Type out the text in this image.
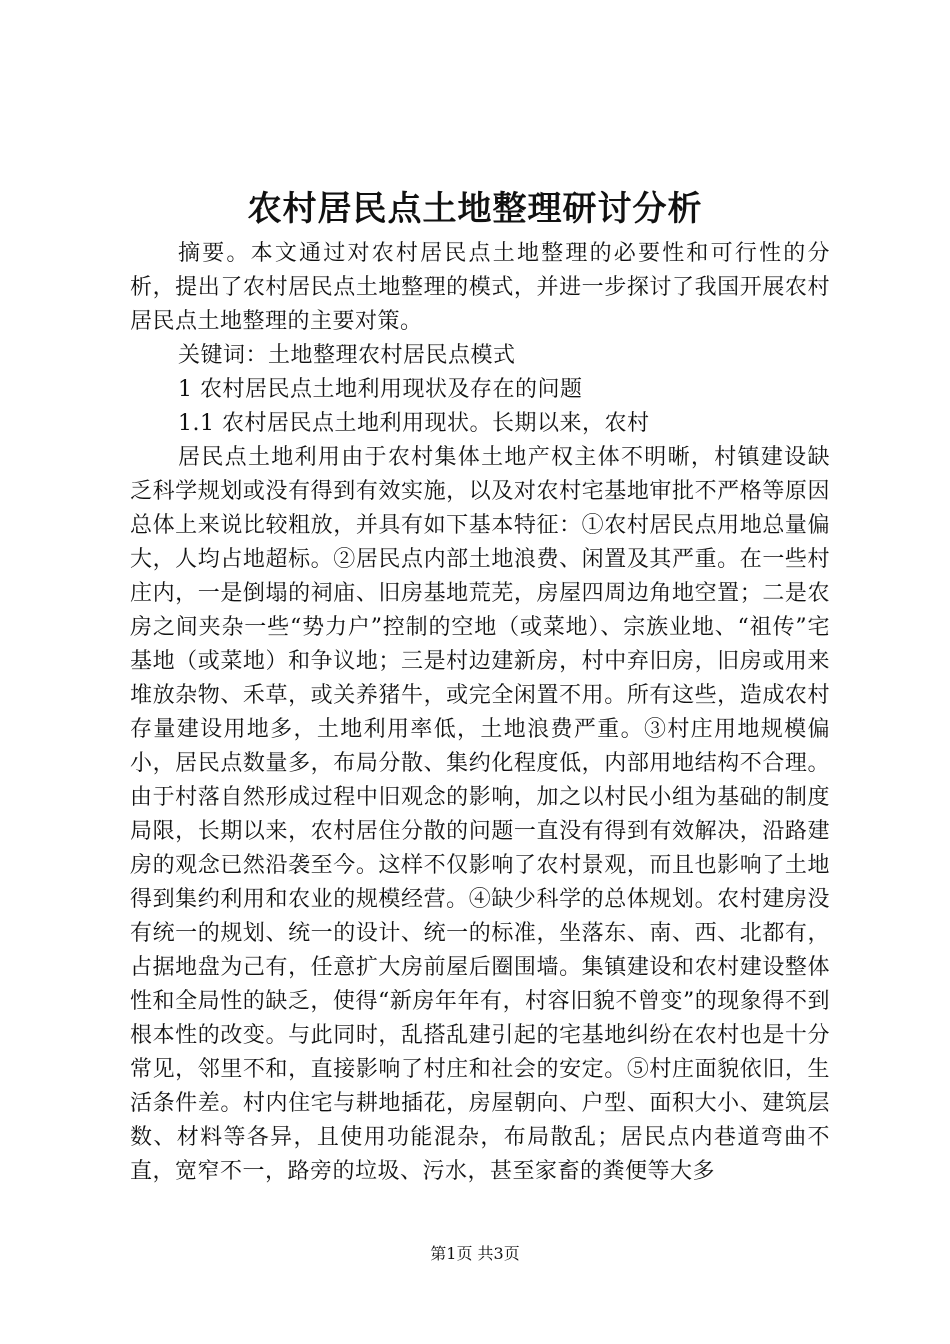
农村居民点土地整理研讨分析

摘要。本文通过对农村居民点土地整理的必要性和可行性的分析，提出了农村居民点土地整理的模式，并进一步探讨了我国开展农村居民点土地整理的主要对策。

关键词：土地整理农村居民点模式

1 农村居民点土地利用现状及存在的问题

1.1 农村居民点土地利用现状。长期以来，农村

居民点土地利用由于农村集体土地产权主体不明晰，村镇建设缺乏科学规划或没有得到有效实施，以及对农村宅基地审批不严格等原因总体上来说比较粗放，并具有如下基本特征：①农村居民点用地总量偏大，人均占地超标。②居民点内部土地浪费、闲置及其严重。在一些村庄内，一是倒塌的祠庙、旧房基地荒芜，房屋四周边角地空置；二是农房之间夹杂一些“势力户”控制的空地（或菜地）、宗族业地、“祖传”宅基地（或菜地）和争议地；三是村边建新房，村中弃旧房，旧房或用来堆放杂物、禾草，或关养猪牛，或完全闲置不用。所有这些，造成农村存量建设用地多，土地利用率低，土地浪费严重。③村庄用地规模偏小，居民点数量多，布局分散、集约化程度低，内部用地结构不合理。由于村落自然形成过程中旧观念的影响，加之以村民小组为基础的制度局限，长期以来，农村居住分散的问题一直没有得到有效解决，沿路建房的观念已然沿袭至今。这样不仅影响了农村景观，而且也影响了土地得到集约利用和农业的规模经营。④缺少科学的总体规划。农村建房没有统一的规划、统一的设计、统一的标准，坐落东、南、西、北都有，占据地盘为己有，任意扩大房前屋后圈围墙。集镇建设和农村建设整体性和全局性的缺乏，使得“新房年年有，村容旧貌不曾变”的现象得不到根本性的改变。与此同时，乱搭乱建引起的宅基地纠纷在农村也是十分常见，邻里不和，直接影响了村庄和社会的安定。⑤村庄面貌依旧，生活条件差。村内住宅与耕地插花，房屋朝向、户型、面积大小、建筑层数、材料等各异，且使用功能混杂，布局散乱；居民点内巷道弯曲不直，宽窄不一，路旁的垃圾、污水，甚至家畜的粪便等大多

第1页 共3页
